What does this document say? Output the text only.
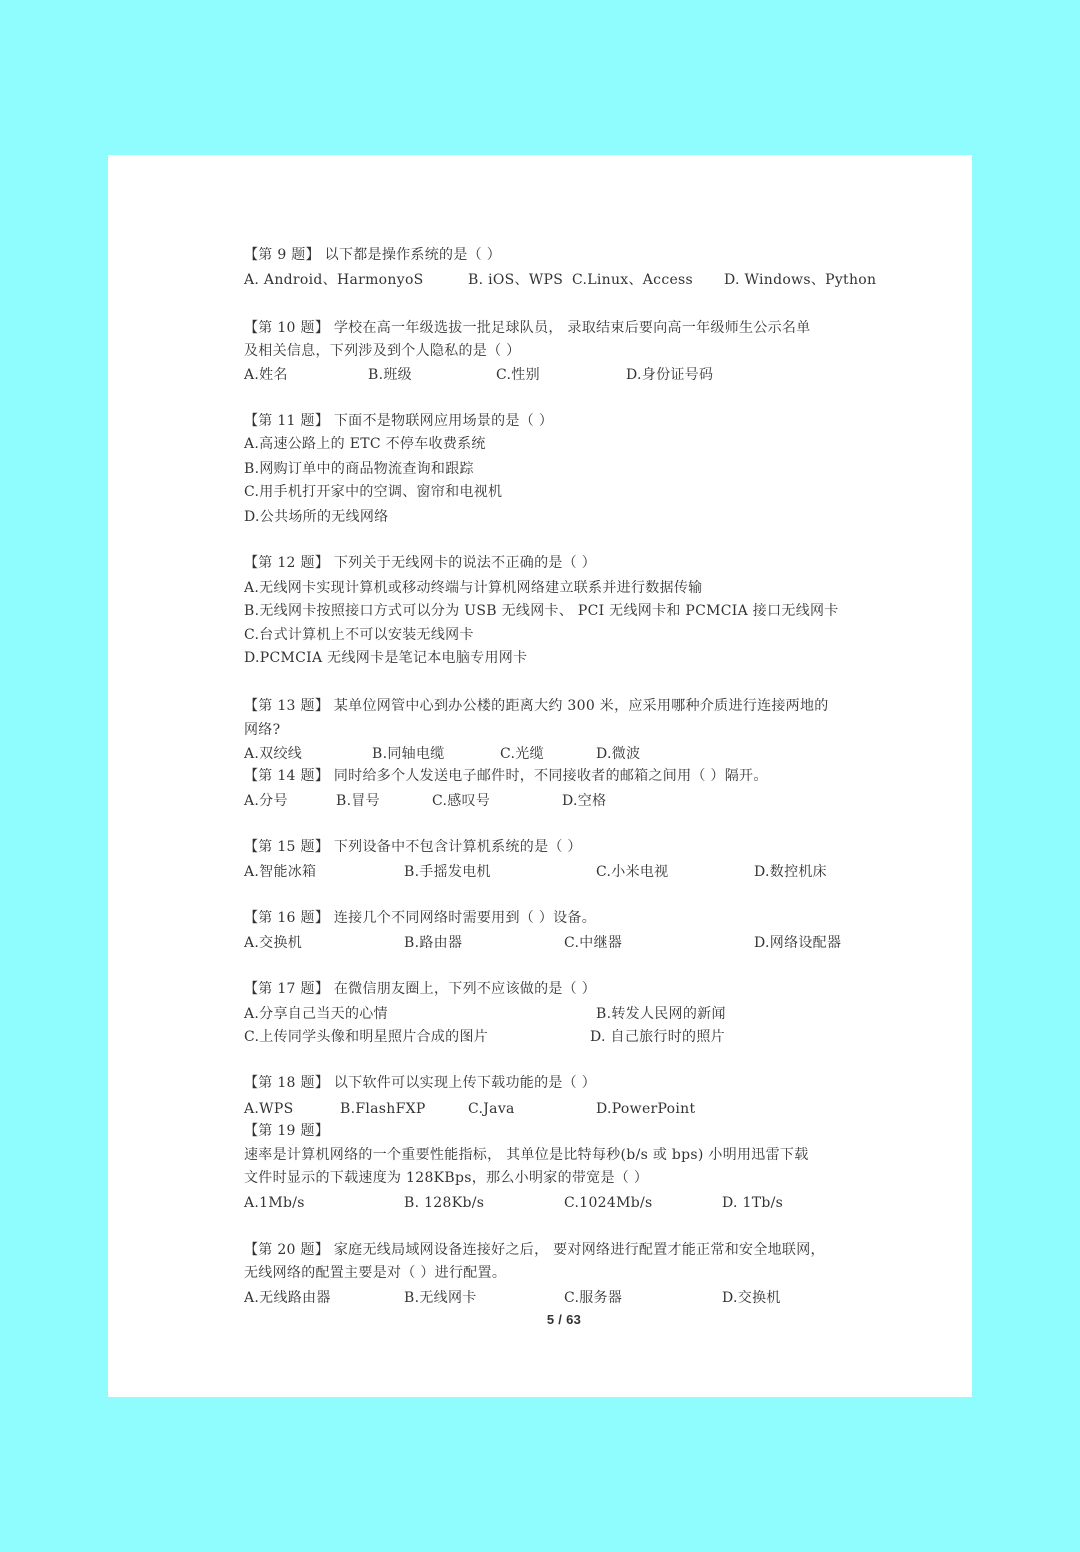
【第 9 题】 以下都是操作系统的是（ ）
A. Android、HarmonyoS	B. iOS、WPS C.Linux、Access D. Windows、Python
【第 10 题】 学校在高一年级选拔一批足球队员， 录取结束后要向高一年级师生公示名单
及相关信息，下列涉及到个人隐私的是（ ）
A.姓名	B.班级	C.性别	D.身份证号码
【第 11 题】 下面不是物联网应用场景的是（ ）
A.高速公路上的 ETC 不停车收费系统
B.网购订单中的商品物流查询和跟踪
C.用手机打开家中的空调、窗帘和电视机
D.公共场所的无线网络
【第 12 题】 下列关于无线网卡的说法不正确的是（ ）
A.无线网卡实现计算机或移动终端与计算机网络建立联系并进行数据传输
B.无线网卡按照接口方式可以分为 USB 无线网卡、 PCI 无线网卡和 PCMCIA 接口无线网卡
C.台式计算机上不可以安装无线网卡
D.PCMCIA 无线网卡是笔记本电脑专用网卡
【第 13 题】 某单位网管中心到办公楼的距离大约 300 米，应采用哪种介质进行连接两地的
网络?
A.双绞线	B.同轴电缆	C.光缆	D.微波
【第 14 题】 同时给多个人发送电子邮件时，不同接收者的邮箱之间用（ ）隔开。
A.分号	B.冒号	C.感叹号	D.空格
【第 15 题】 下列设备中不包含计算机系统的是（ ）
A.智能冰箱	B.手摇发电机	C.小米电视	D.数控机床
【第 16 题】 连接几个不同网络时需要用到（ ）设备。
A.交换机	B.路由器	C.中继器	D.网络设配器
【第 17 题】 在微信朋友圈上，下列不应该做的是（ ）
A.分享自己当天的心情	B.转发人民网的新闻
C.上传同学头像和明星照片合成的图片	D. 自己旅行时的照片
【第 18 题】 以下软件可以实现上传下载功能的是（ ）
A.WPS	B.FlashFXP	C.Java	D.PowerPoint
【第 19 题】
速率是计算机网络的一个重要性能指标， 其单位是比特每秒(b/s 或 bps) 小明用迅雷下载
文件时显示的下载速度为 128KBps，那么小明家的带宽是（ ）
A.1Mb/s	B. 128Kb/s	C.1024Mb/s	D. 1Tb/s
【第 20 题】 家庭无线局域网设备连接好之后， 要对网络进行配置才能正常和安全地联网，
无线网络的配置主要是对（ ）进行配置。
A.无线路由器	B.无线网卡	C.服务器	D.交换机
5 / 63
